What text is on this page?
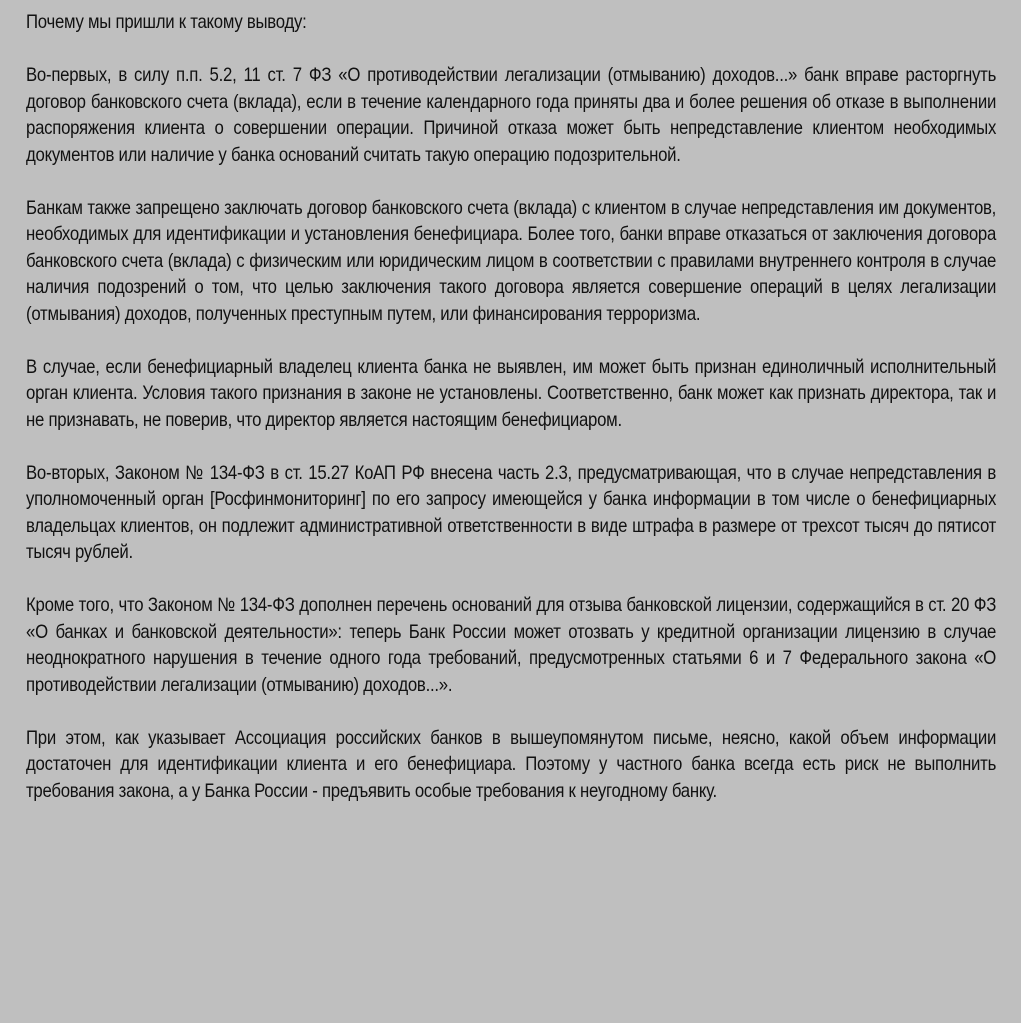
Почему мы пришли к такому выводу:

Во-первых, в силу п.п. 5.2, 11 ст. 7 ФЗ «О противодействии легализации (отмыванию) доходов...» банк вправе расторгнуть договор банковского счета (вклада), если в течение календарного года приняты два и более решения об отказе в выполнении распоряжения клиента о совершении операции. Причиной отказа может быть непредставление клиентом необходимых документов или наличие у банка оснований считать такую операцию подозрительной.

Банкам также запрещено заключать договор банковского счета (вклада) с клиентом в случае непредставления им документов, необходимых для идентификации и установления бенефициара. Более того, банки вправе отказаться от заключения договора банковского счета (вклада) с физическим или юридическим лицом в соответствии с правилами внутреннего контроля в случае наличия подозрений о том, что целью заключения такого договора является совершение операций в целях легализации (отмывания) доходов, полученных преступным путем, или финансирования терроризма.

В случае, если бенефициарный владелец клиента банка не выявлен, им может быть признан единоличный исполнительный орган клиента. Условия такого признания в законе не установлены. Соответственно, банк может как признать директора, так и не признавать, не поверив, что директор является настоящим бенефициаром.

Во-вторых, Законом № 134-ФЗ в ст. 15.27 КоАП РФ внесена часть 2.3, предусматривающая, что в случае непредставления в уполномоченный орган [Росфинмониторинг] по его запросу имеющейся у банка информации в том числе о бенефициарных владельцах клиентов, он подлежит административной ответственности в виде штрафа в размере от трехсот тысяч до пятисот тысяч рублей.

Кроме того, что Законом № 134-ФЗ дополнен перечень оснований для отзыва банковской лицензии, содержащийся в ст. 20 ФЗ «О банках и банковской деятельности»: теперь Банк России может отозвать у кредитной организации лицензию в случае неоднократного нарушения в течение одного года требований, предусмотренных статьями 6 и 7 Федерального закона «О противодействии легализации (отмыванию) доходов...».

При этом, как указывает Ассоциация российских банков в вышеупомянутом письме, неясно, какой объем информации достаточен для идентификации клиента и его бенефициара. Поэтому у частного банка всегда есть риск не выполнить требования закона, а у Банка России - предъявить особые требования к неугодному банку.
